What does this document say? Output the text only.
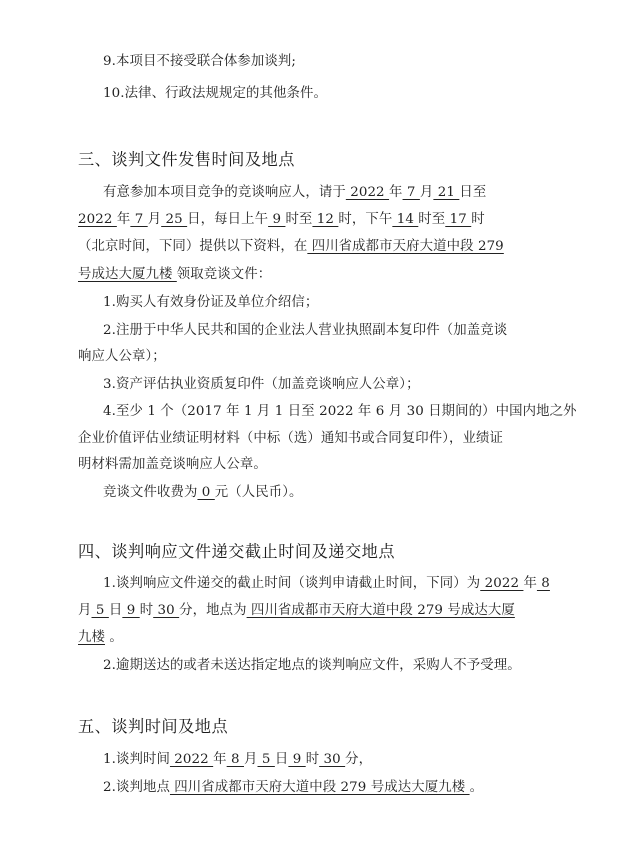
9.本项目不接受联合体参加谈判;
10.法律、行政法规规定的其他条件。
三、谈判文件发售时间及地点
有意参加本项目竞争的竞谈响应人，请于 2022 年 7 月 21 日至
2022 年 7 月 25 日，每日上午 9 时至 12 时，下午 14 时至 17 时
（北京时间，下同）提供以下资料，在 四川省成都市天府大道中段 279
号成达大厦九楼 领取竞谈文件：
1.购买人有效身份证及单位介绍信；
2.注册于中华人民共和国的企业法人营业执照副本复印件（加盖竞谈
响应人公章）；
3.资产评估执业资质复印件（加盖竞谈响应人公章）；
4.至少 1 个（2017 年 1 月 1 日至 2022 年 6 月 30 日期间的）中国内地之外
企业价值评估业绩证明材料（中标（选）通知书或合同复印件），业绩证
明材料需加盖竞谈响应人公章。
竞谈文件收费为 0 元（人民币）。
四、谈判响应文件递交截止时间及递交地点
1.谈判响应文件递交的截止时间（谈判申请截止时间，下同）为 2022 年 8
月 5 日 9 时 30 分，地点为 四川省成都市天府大道中段 279 号成达大厦
九楼 。
2.逾期送达的或者未送达指定地点的谈判响应文件，采购人不予受理。
五、谈判时间及地点
1.谈判时间 2022 年 8 月 5 日 9 时 30 分，
2.谈判地点 四川省成都市天府大道中段 279 号成达大厦九楼 。
